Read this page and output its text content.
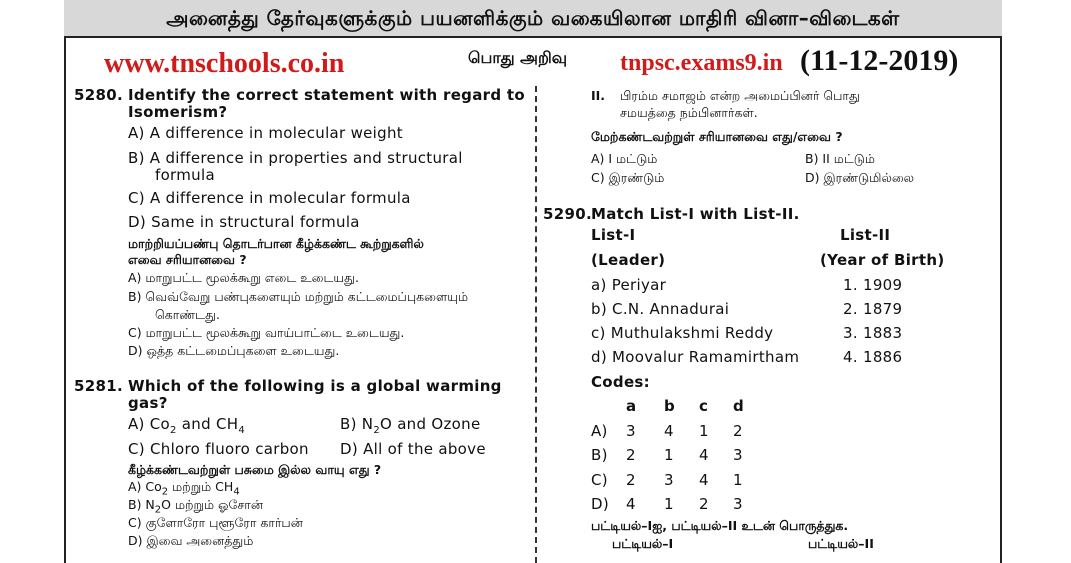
அனைத்து தேர்வுகளுக்கும் பயனளிக்கும் வகையிலான மாதிரி வினா–விடைகள்
www.tnschools.co.in	பொது அறிவு tnpsc.exams9.in (11-12-2019)
5280. Identify the correct statement with regard to
Isomerism?
A) A difference in molecular weight
B) A difference in properties and structural
formula
C) A difference in molecular formula
D) Same in structural formula
மாற்றியப்பண்பு தொடர்பான கீழ்க்கண்ட கூற்றுகளில்
எவை சரியானவை ?
A) மாறுபட்ட மூலக்கூறு எடை உடையது.
B) வெவ்வேறு பண்புகளையும் மற்றும் கட்டமைப்புகளையும்
கொண்டது.
C) மாறுபட்ட மூலக்கூறு வாய்பாட்டை உடையது.
D) ஒத்த கட்டமைப்புகளை உடையது.
5281. Which of the following is a global warming
gas?
A) $Co_2$ and $CH_4$	B) $N_2O$ and Ozone
C) Chloro fluoro carbon D) All of the above
கீழ்க்கண்டவற்றுள் பசுமை இல்ல வாயு எது ?
A) $Co_2$ மற்றும் $CH_4$
B) $N_2O$ மற்றும் ஓசோன்
C) குளோரோ புளூரோ கார்பன்
D) இவை அனைத்தும்
II. பிரம்ம சமாஜம் என்ற அமைப்பினர் பொது
சமயத்தை நம்பினார்கள்.
மேற்கண்டவற்றுள் சரியானவை எது/எவை ?
A) I மட்டும்	B) II மட்டும்
C) இரண்டும்	D) இரண்டுமில்லை
5290. Match List-I with List-II.
List-I	List-II
(Leader)	(Year of Birth)
a) Periyar	1. 1909
b) C.N. Annadurai	2. 1879
c) Muthulakshmi Reddy	3. 1883
d) Moovalur Ramamirtham	4. 1886
Codes:
a b c d
A) 3 4 1 2
B) 2 1 4 3
C) 2 3 4 1
D) 4 1 2 3
பட்டியல்–Iஐ, பட்டியல்–II உடன் பொருத்துக.
பட்டியல்–I	பட்டியல்–II
